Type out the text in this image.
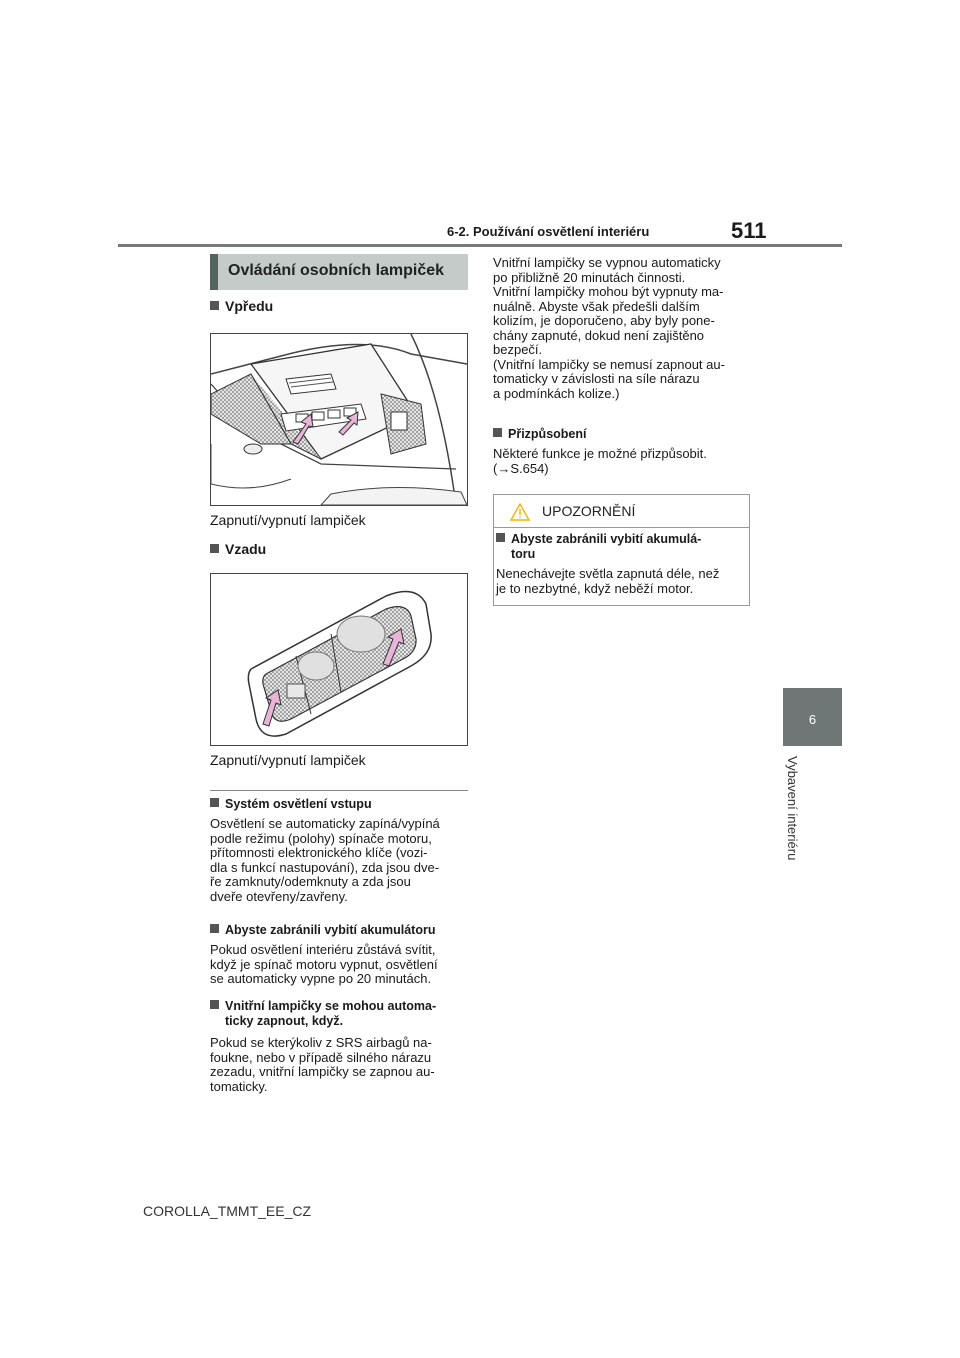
6-2. Používání osvětlení interiéru	511
6
Vybavení interiéru
Ovládání osobních lampiček
Vpředu
Zapnutí/vypnutí lampiček
Vzadu
Zapnutí/vypnutí lampiček
Systém osvětlení vstupu
Osvětlení se automaticky zapíná/vypíná
podle režimu (polohy) spínače motoru,
přítomnosti elektronického klíče (vozi-
dla s funkcí nastupování), zda jsou dve-
ře zamknuty/odemknuty a zda jsou
dveře otevřeny/zavřeny.
Abyste zabránili vybití akumulátoru
Pokud osvětlení interiéru zůstává svítit,
když je spínač motoru vypnut, osvětlení
se automaticky vypne po 20 minutách.
Vnitřní lampičky se mohou automa-
ticky zapnout, když.
Pokud se kterýkoliv z SRS airbagů na-
foukne, nebo v případě silného nárazu
zezadu, vnitřní lampičky se zapnou au-
tomaticky.
Vnitřní lampičky se vypnou automaticky
po přibližně 20 minutách činnosti.
Vnitřní lampičky mohou být vypnuty ma-
nuálně. Abyste však předešli dalším
kolizím, je doporučeno, aby byly pone-
chány zapnuté, dokud není zajištěno
bezpečí.
(Vnitřní lampičky se nemusí zapnout au-
tomaticky v závislosti na síle nárazu
a podmínkách kolize.)
Přizpůsobení
Některé funkce je možné přizpůsobit.
(→S.654)
UPOZORNĚNÍ
Abyste zabránili vybití akumulá-
toru
Nenechávejte světla zapnutá déle, než
je to nezbytné, když neběží motor.
COROLLA_TMMT_EE_CZ
